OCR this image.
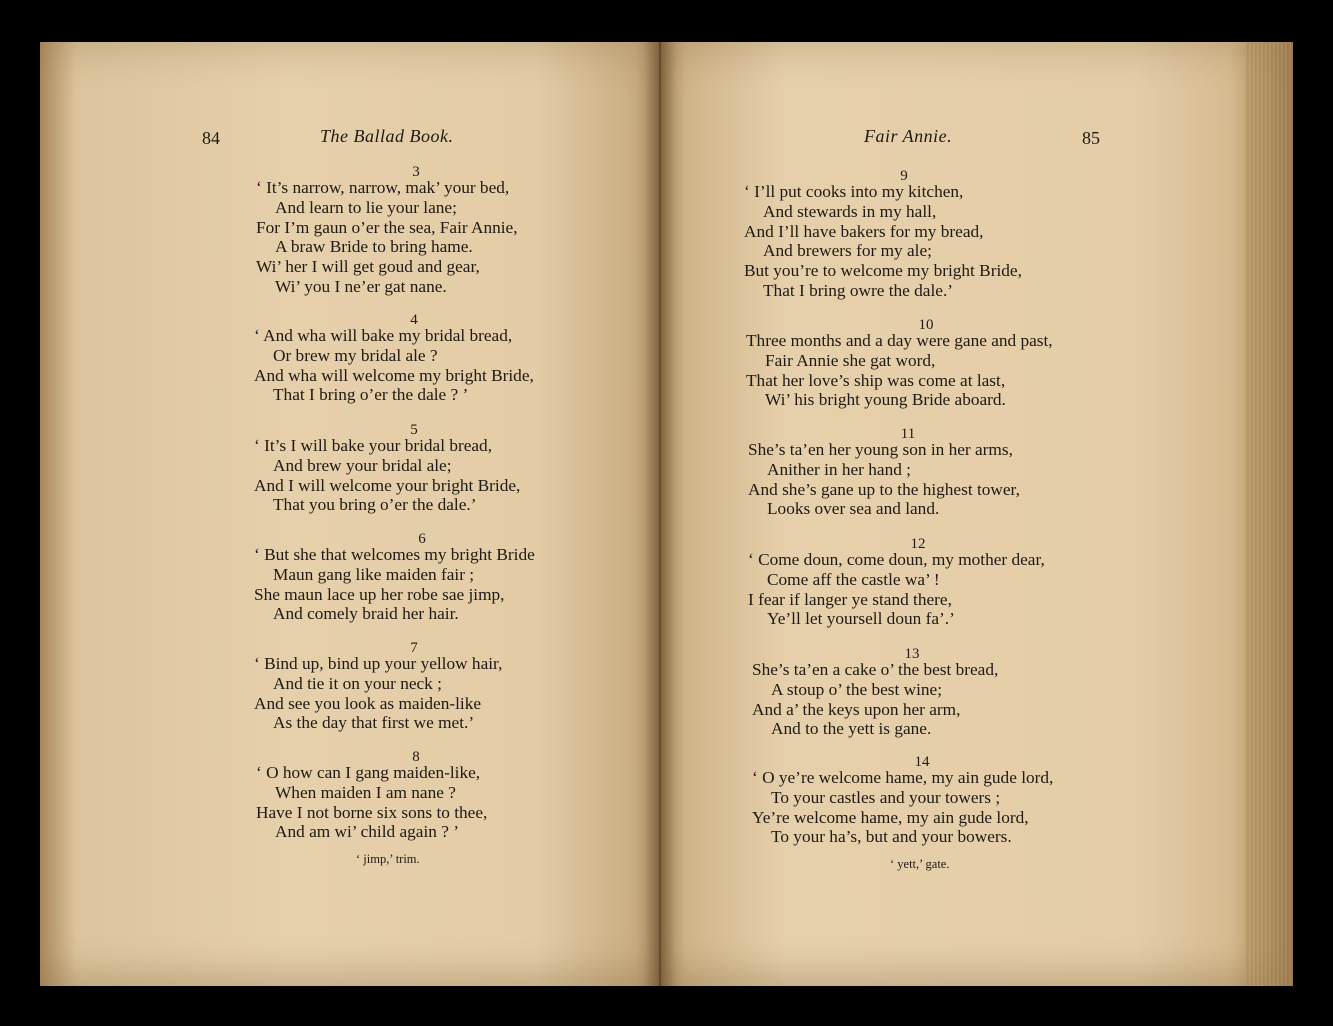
84	The Ballad Book.
3
‘ It’s narrow, narrow, mak’ your bed,
And learn to lie your lane;
For I’m gaun o’er the sea, Fair Annie,
A braw Bride to bring hame.
Wi’ her I will get goud and gear,
Wi’ you I ne’er gat nane.
4
‘ And wha will bake my bridal bread,
Or brew my bridal ale ?
And wha will welcome my bright Bride,
That I bring o’er the dale ? ’
5
‘ It’s I will bake your bridal bread,
And brew your bridal ale;
And I will welcome your bright Bride,
That you bring o’er the dale.’
6
‘ But she that welcomes my bright Bride
Maun gang like maiden fair ;
She maun lace up her robe sae jimp,
And comely braid her hair.
7
‘ Bind up, bind up your yellow hair,
And tie it on your neck ;
And see you look as maiden-like
As the day that first we met.’
8
‘ O how can I gang maiden-like,
When maiden I am nane ?
Have I not borne six sons to thee,
And am wi’ child again ? ’
‘ jimp,’ trim.
Fair Annie.	85
9
‘ I’ll put cooks into my kitchen,
And stewards in my hall,
And I’ll have bakers for my bread,
And brewers for my ale;
But you’re to welcome my bright Bride,
That I bring owre the dale.’
10
Three months and a day were gane and past,
Fair Annie she gat word,
That her love’s ship was come at last,
Wi’ his bright young Bride aboard.
11
She’s ta’en her young son in her arms,
Anither in her hand ;
And she’s gane up to the highest tower,
Looks over sea and land.
12
‘ Come doun, come doun, my mother dear,
Come aff the castle wa’ !
I fear if langer ye stand there,
Ye’ll let yoursell doun fa’.’
13
She’s ta’en a cake o’ the best bread,
A stoup o’ the best wine;
And a’ the keys upon her arm,
And to the yett is gane.
14
‘ O ye’re welcome hame, my ain gude lord,
To your castles and your towers ;
Ye’re welcome hame, my ain gude lord,
To your ha’s, but and your bowers.
‘ yett,’ gate.
